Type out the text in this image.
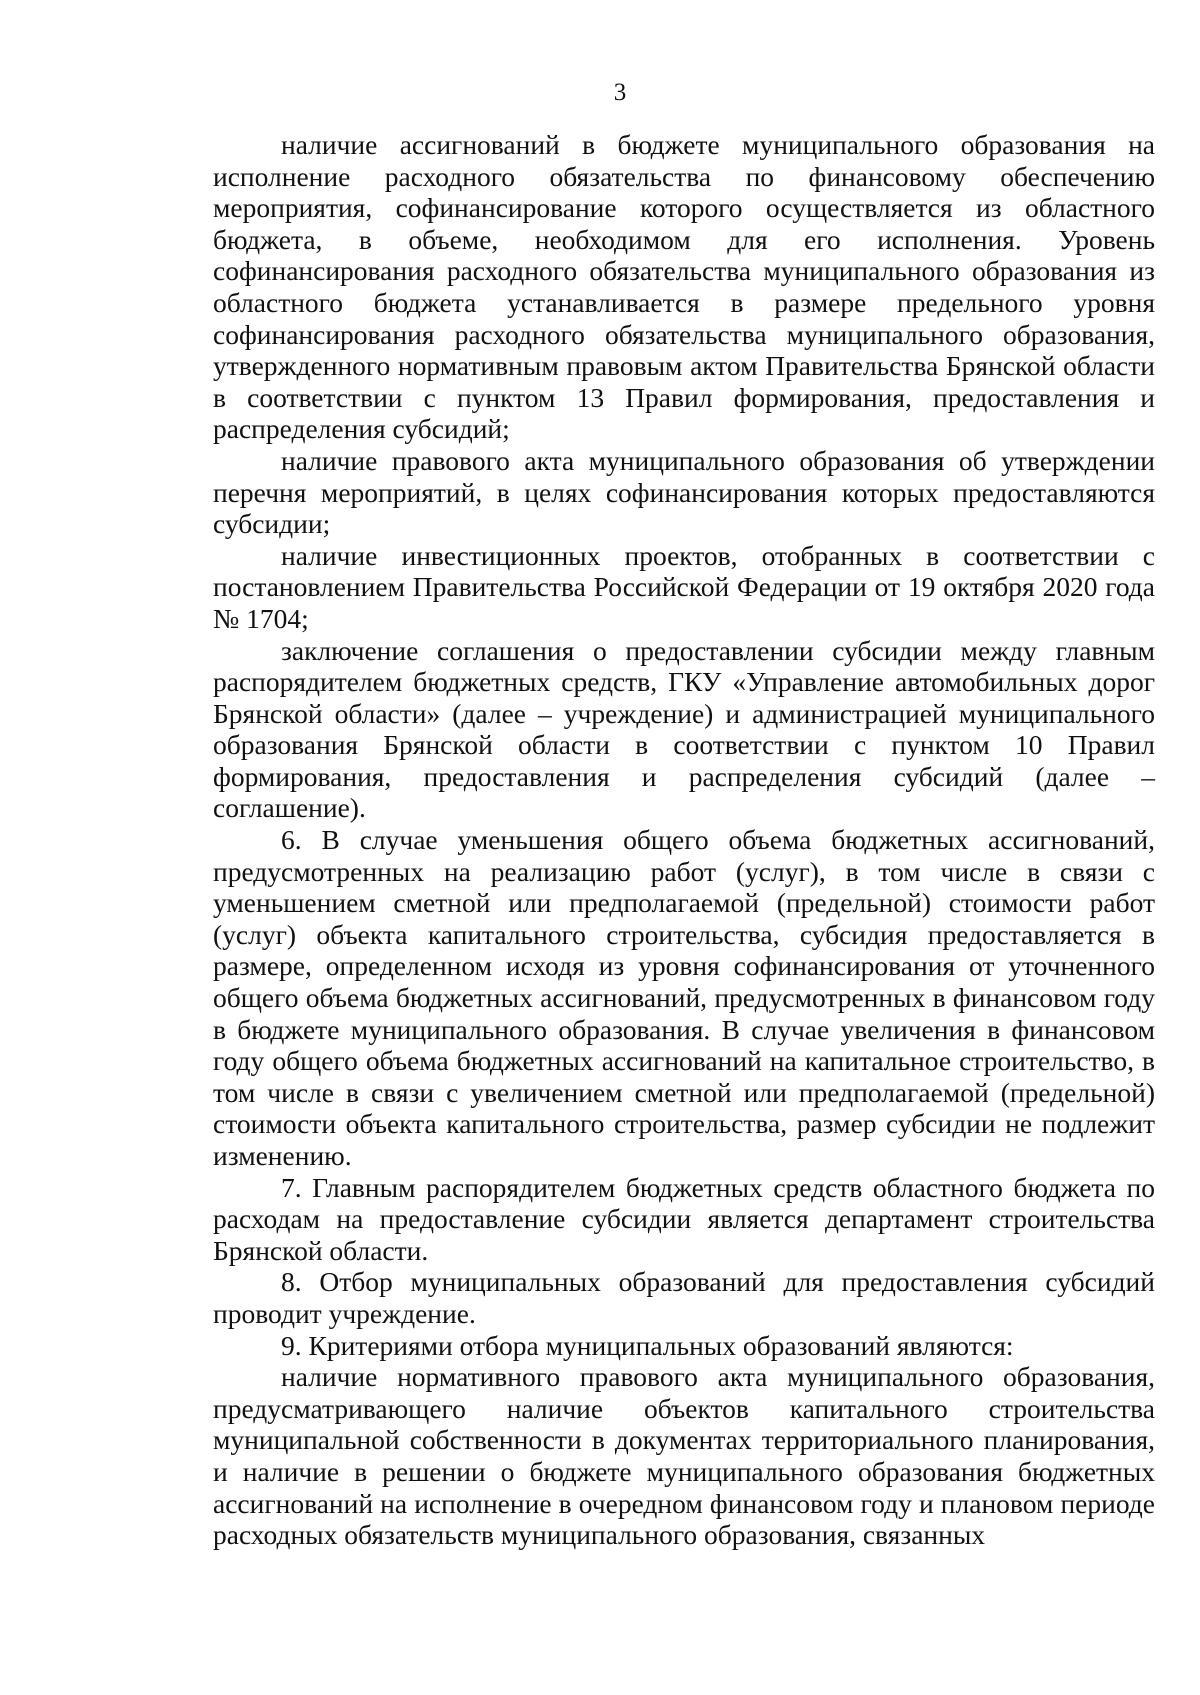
3

наличие ассигнований в бюджете муниципального образования на исполнение расходного обязательства по финансовому обеспечению мероприятия, софинансирование которого осуществляется из областного бюджета, в объеме, необходимом для его исполнения. Уровень софинансирования расходного обязательства муниципального образования из областного бюджета устанавливается в размере предельного уровня софинансирования расходного обязательства муниципального образования, утвержденного нормативным правовым актом Правительства Брянской области в соответствии с пунктом 13 Правил формирования, предоставления и распределения субсидий;

наличие правового акта муниципального образования об утверждении перечня мероприятий, в целях софинансирования которых предоставляются субсидии;

наличие инвестиционных проектов, отобранных в соответствии с постановлением Правительства Российской Федерации от 19 октября 2020 года № 1704;

заключение соглашения о предоставлении субсидии между главным распорядителем бюджетных средств, ГКУ «Управление автомобильных дорог Брянской области» (далее – учреждение) и администрацией муниципального образования Брянской области в соответствии с пунктом 10 Правил формирования, предоставления и распределения субсидий (далее – соглашение).

6. В случае уменьшения общего объема бюджетных ассигнований, предусмотренных на реализацию работ (услуг), в том числе в связи с уменьшением сметной или предполагаемой (предельной) стоимости работ (услуг) объекта капитального строительства, субсидия предоставляется в размере, определенном исходя из уровня софинансирования от уточненного общего объема бюджетных ассигнований, предусмотренных в финансовом году в бюджете муниципального образования. В случае увеличения в финансовом году общего объема бюджетных ассигнований на капитальное строительство, в том числе в связи с увеличением сметной или предполагаемой (предельной) стоимости объекта капитального строительства, размер субсидии не подлежит изменению.

7. Главным распорядителем бюджетных средств областного бюджета по расходам на предоставление субсидии является департамент строительства Брянской области.

8. Отбор муниципальных образований для предоставления субсидий проводит учреждение.

9. Критериями отбора муниципальных образований являются:

наличие нормативного правового акта муниципального образования, предусматривающего наличие объектов капитального строительства муниципальной собственности в документах территориального планирования, и наличие в решении о бюджете муниципального образования бюджетных ассигнований на исполнение в очередном финансовом году и плановом периоде расходных обязательств муниципального образования, связанных
